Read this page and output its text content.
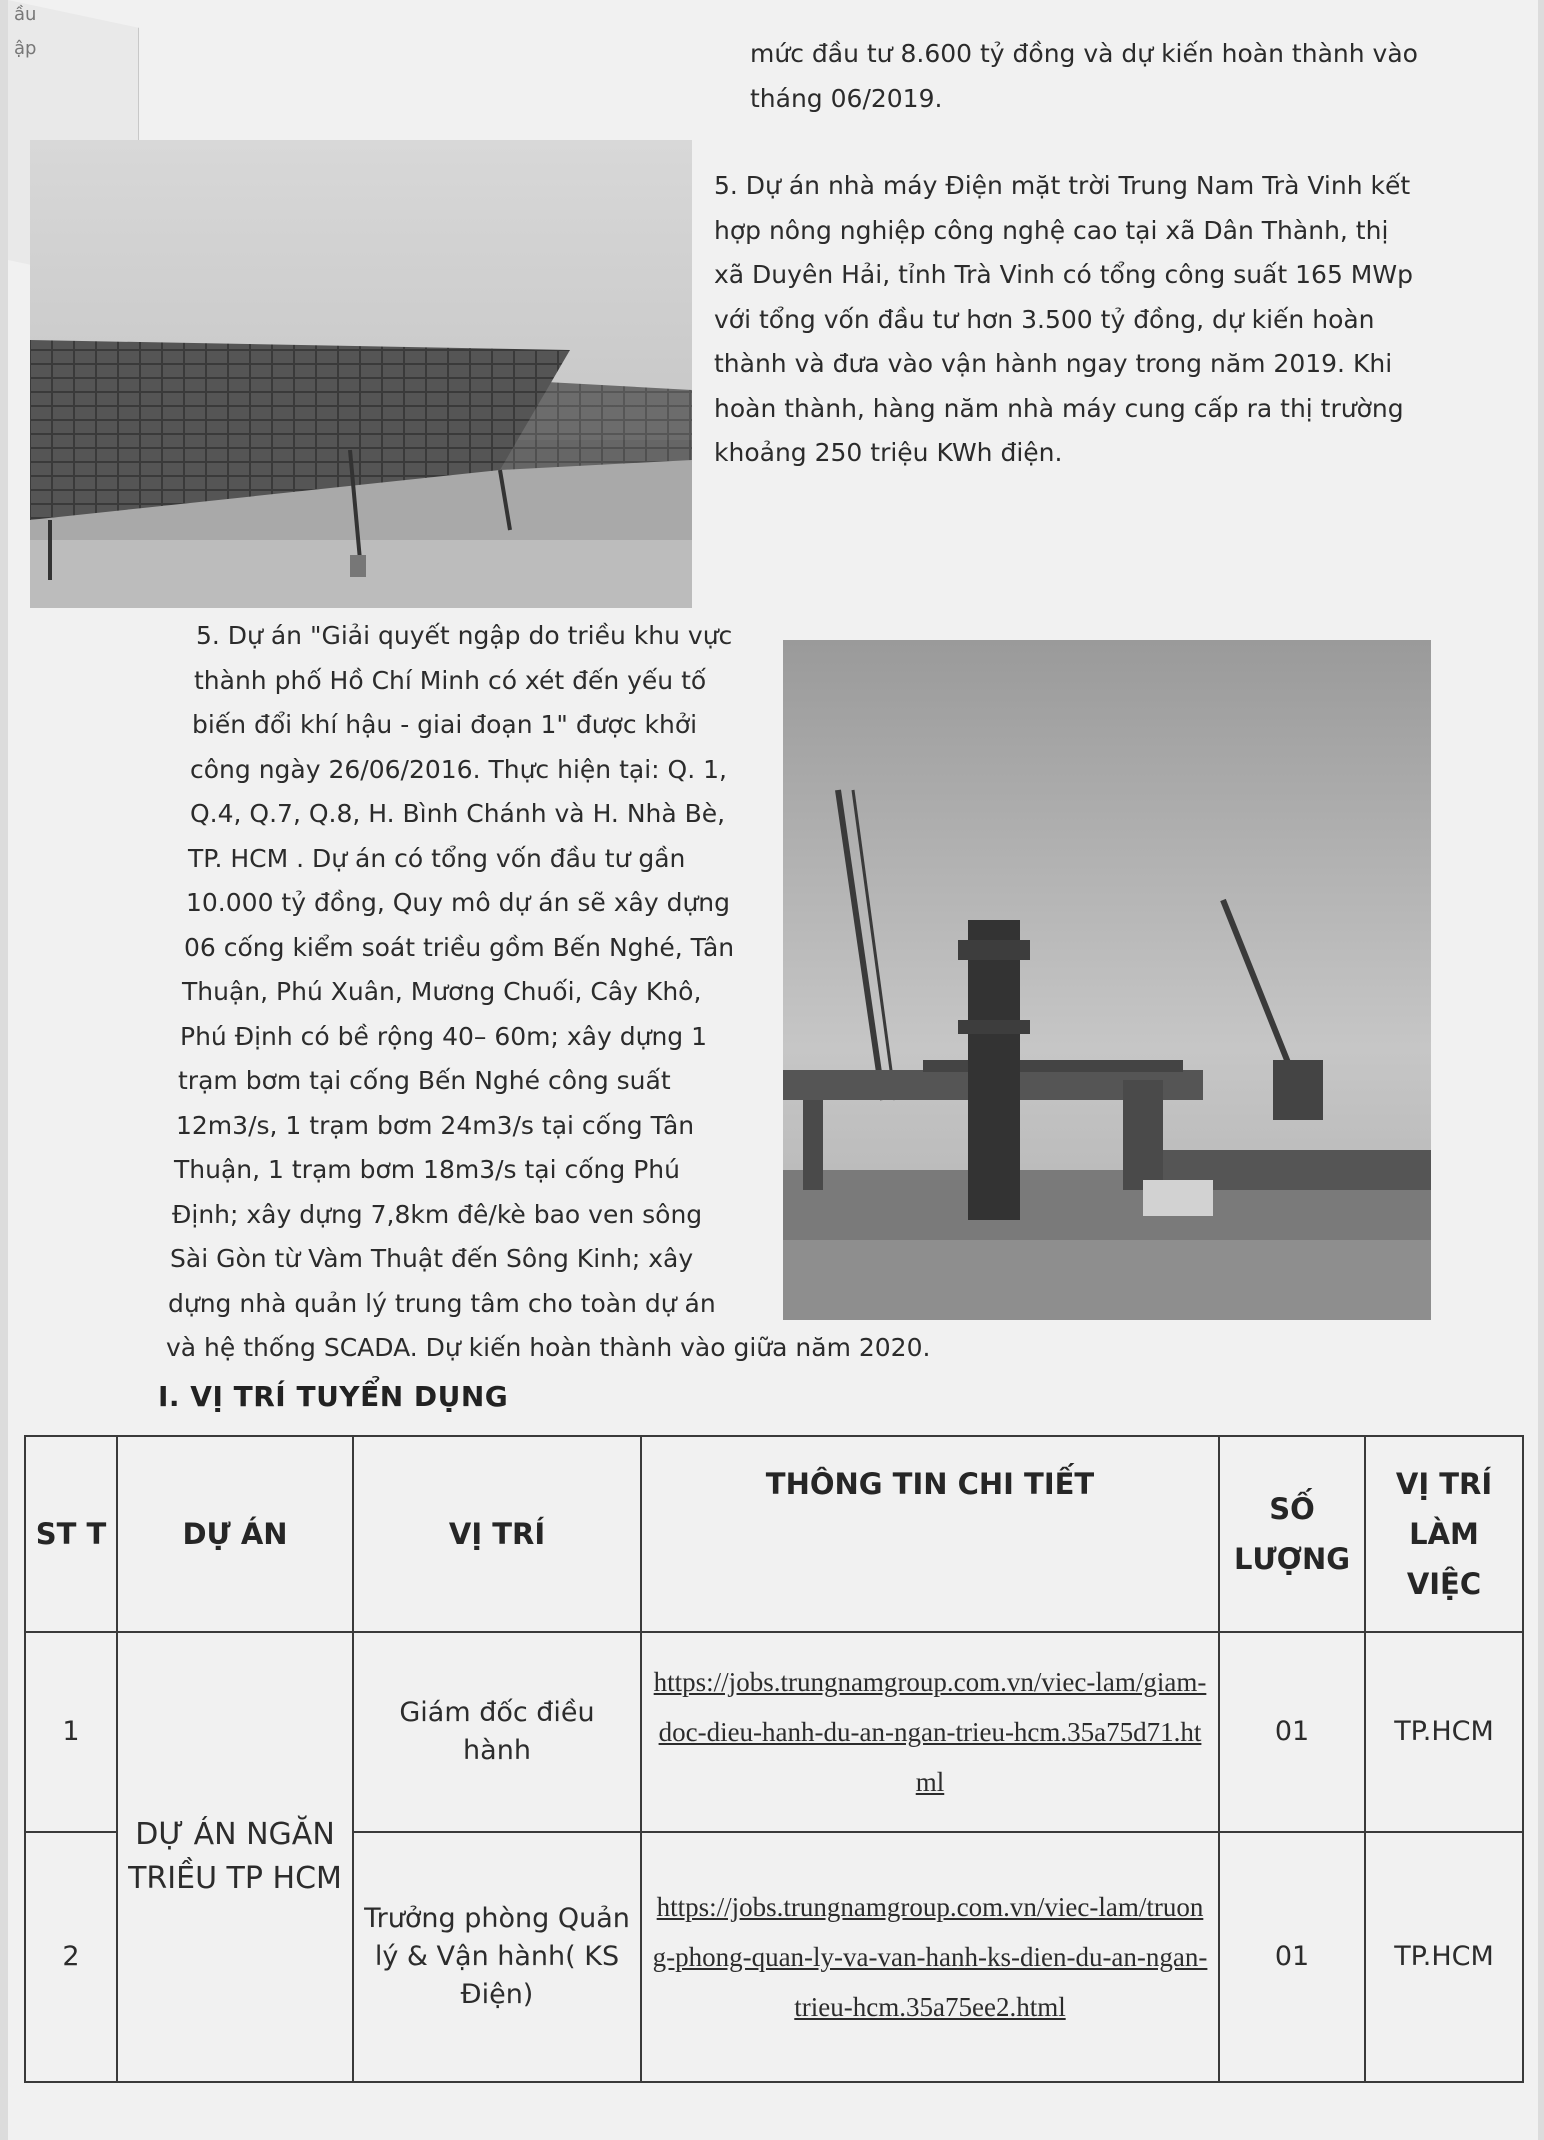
ầu
ập	mức đầu tư 8.600 tỷ đồng và dự kiến hoàn thành vào
tháng 06/2019.
5. Dự án nhà máy Điện mặt trời Trung Nam Trà Vinh kết
hợp nông nghiệp công nghệ cao tại xã Dân Thành, thị
xã Duyên Hải, tỉnh Trà Vinh có tổng công suất 165 MWp
với tổng vốn đầu tư hơn 3.500 tỷ đồng, dự kiến hoàn
thành và đưa vào vận hành ngay trong năm 2019. Khi
hoàn thành, hàng năm nhà máy cung cấp ra thị trường
khoảng 250 triệu KWh điện.
5. Dự án "Giải quyết ngập do triều khu vực
thành phố Hồ Chí Minh có xét đến yếu tố
biến đổi khí hậu - giai đoạn 1" được khởi
công ngày 26/06/2016. Thực hiện tại: Q. 1,
Q.4, Q.7, Q.8, H. Bình Chánh và H. Nhà Bè,
TP. HCM . Dự án có tổng vốn đầu tư gần
10.000 tỷ đồng, Quy mô dự án sẽ xây dựng
06 cống kiểm soát triều gồm Bến Nghé, Tân
Thuận, Phú Xuân, Mương Chuối, Cây Khô,
Phú Định có bề rộng 40– 60m; xây dựng 1
trạm bơm tại cống Bến Nghé công suất
12m3/s, 1 trạm bơm 24m3/s tại cống Tân
Thuận, 1 trạm bơm 18m3/s tại cống Phú
Định; xây dựng 7,8km đê/kè bao ven sông
Sài Gòn từ Vàm Thuật đến Sông Kinh; xây
dựng nhà quản lý trung tâm cho toàn dự án
và hệ thống SCADA. Dự kiến hoàn thành vào giữa năm 2020.
I. VỊ TRÍ TUYỂN DỤNG
ST T	DỰ ÁN	VỊ TRÍ	THÔNG TIN CHI TIẾT	SỐ LƯỢNG	VỊ TRÍ LÀM VIỆC
1	DỰ ÁN NGĂN TRIỀU TP HCM	Giám đốc điều hành	https://jobs.trungnamgroup.com.vn/viec-lam/giam-doc-dieu-hanh-du-an-ngan-trieu-hcm.35a75d71.html	01	TP.HCM
2		Trưởng phòng Quản lý & Vận hành( KS Điện)	https://jobs.trungnamgroup.com.vn/viec-lam/truong-phong-quan-ly-va-van-hanh-ks-dien-du-an-ngan-trieu-hcm.35a75ee2.html	01	TP.HCM
